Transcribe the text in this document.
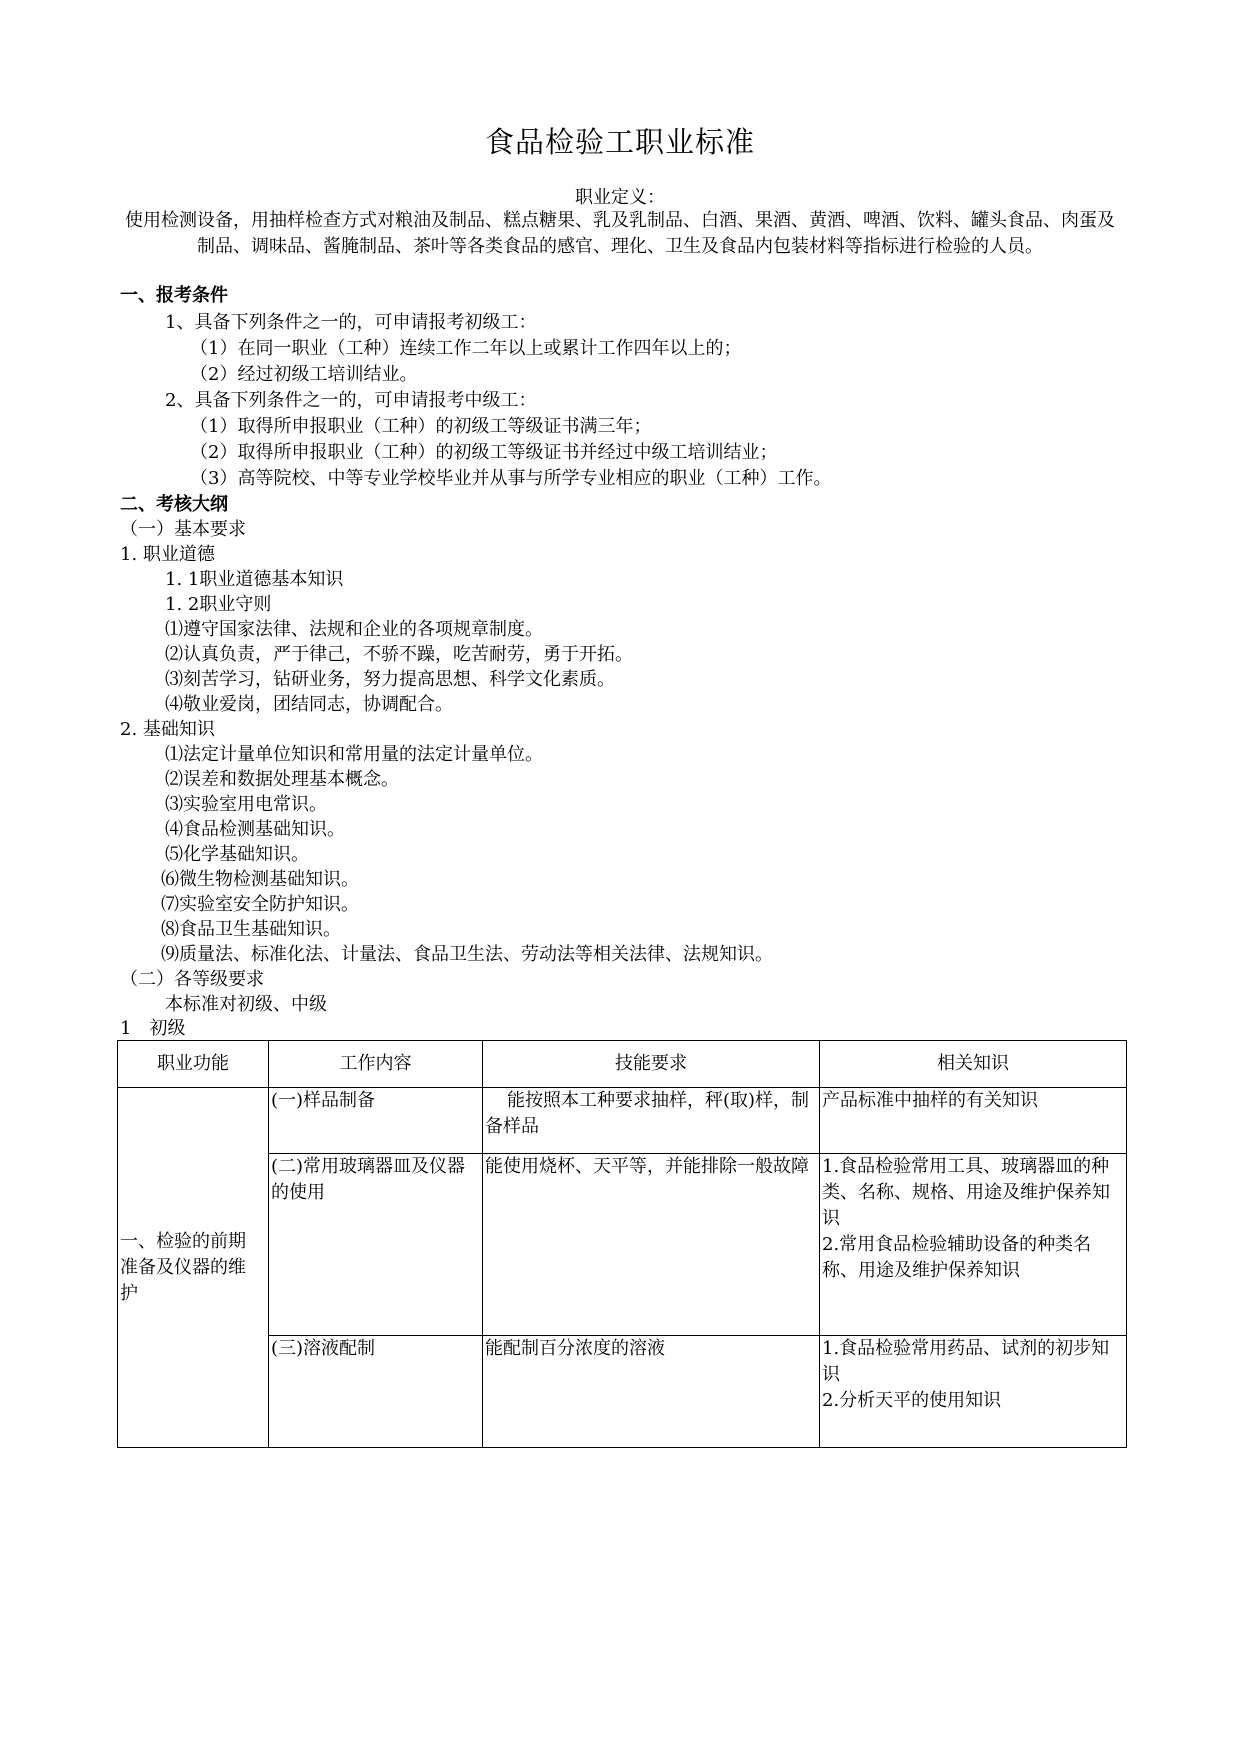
食品检验工职业标准
职业定义：
使用检测设备，用抽样检查方式对粮油及制品、糕点糖果、乳及乳制品、白酒、果酒、黄酒、啤酒、饮料、罐头食品、肉蛋及制品、调味品、酱腌制品、茶叶等各类食品的感官、理化、卫生及食品内包装材料等指标进行检验的人员。
一、报考条件
1、具备下列条件之一的，可申请报考初级工：
（1）在同一职业（工种）连续工作二年以上或累计工作四年以上的；
（2）经过初级工培训结业。
2、具备下列条件之一的，可申请报考中级工：
（1）取得所申报职业（工种）的初级工等级证书满三年；
（2）取得所申报职业（工种）的初级工等级证书并经过中级工培训结业；
（3）高等院校、中等专业学校毕业并从事与所学专业相应的职业（工种）工作。
二、考核大纲
（一）基本要求
1. 职业道德
1. 1职业道德基本知识
1. 2职业守则
⑴遵守国家法律、法规和企业的各项规章制度。
⑵认真负责，严于律己，不骄不躁，吃苦耐劳，勇于开拓。
⑶刻苦学习，钻研业务，努力提高思想、科学文化素质。
⑷敬业爱岗，团结同志，协调配合。
2. 基础知识
⑴法定计量单位知识和常用量的法定计量单位。
⑵误差和数据处理基本概念。
⑶实验室用电常识。
⑷食品检测基础知识。
⑸化学基础知识。
⑹微生物检测基础知识。
⑺实验室安全防护知识。
⑻食品卫生基础知识。
⑼质量法、标准化法、计量法、食品卫生法、劳动法等相关法律、法规知识。
（二）各等级要求
本标准对初级、中级
1　初级
职业功能	工作内容	技能要求	相关知识
一、检验的前期准备及仪器的维护	(一)样品制备	能按照本工种要求抽样，秤(取)样，制备样品	产品标准中抽样的有关知识

	(二)常用玻璃器皿及仪器的使用	能使用烧杯、天平等，并能排除一般故障	1.食品检验常用工具、玻璃器皿的种类、名称、规格、用途及维护保养知识
2.常用食品检验辅助设备的种类名称、用途及维护保养知识

	(三)溶液配制	能配制百分浓度的溶液	1.食品检验常用药品、试剂的初步知识
2.分析天平的使用知识
